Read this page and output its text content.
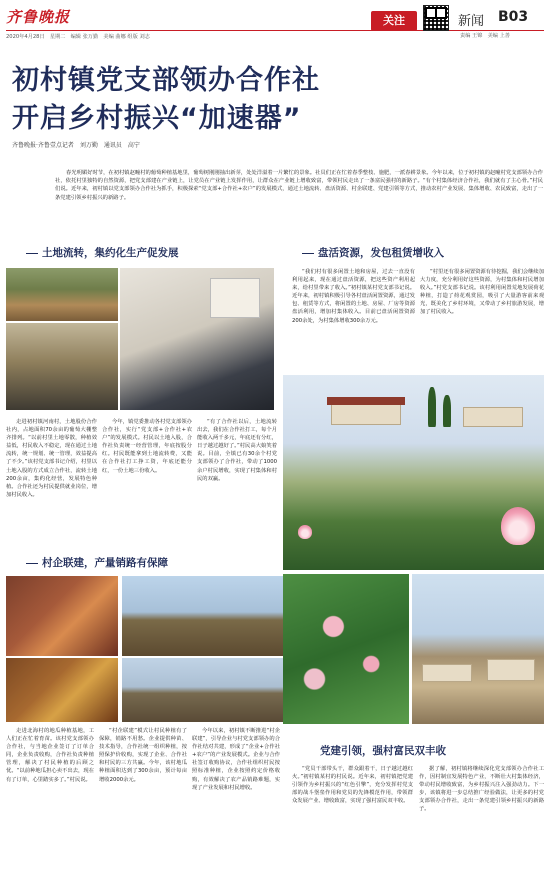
齐鲁晚报
2020年4月28日　星期二　编辑 张万勤　美编 曲娜 组版 刘志
关注	新闻 B03
责编 王锦　美编 上善
初村镇党支部领办合作社
开启乡村振兴“加速器”
齐鲁晚报·齐鲁壹点记者　刘万勤　通讯员　高宁
春光明媚好时节，在初村镇赵疃村的葡萄种植基地里，葡萄树刚刚抽出新芽，处处洋溢着一片繁忙的景象。社员们正在忙着春季整枝、施肥，一派春耕景象。今年以来，位于初村镇的赵疃村党支部领办合作社，依托村里独特的自然资源，把党支部建在产业链上，让党员在产业链上发挥作用，让群众在产业链上增收致富，带领村民走出了一条富民强村的新路子。“有个村集体经济合作社，我们就有了主心骨。”村民们说。近年来，初村镇以党支部领办合作社为抓手，积极探索“党支部+合作社+农户”的发展模式，通过土地流转、盘活资源、村企联建、党建引领等方式，推动农村产业发展、集体增收、农民致富，走出了一条党建引领乡村振兴的新路子。
土地流转，集约化生产促发展

走进初村镇河南村，土地股份合作社内，占地面积70余亩的葡萄大棚整齐排列。“以前村里土地零散，种植效益低，村民收入不稳定，现在通过土地流转，统一规划、统一管理，效益提高了不少。”该村党支部书记介绍，村里以土地入股的方式成立合作社，流转土地200余亩，集约化经营，发展特色种植。合作社还为村民提供就业岗位，增加村民收入。

今年，镇党委推动各村党支部领办合作社，实行“党支部+合作社+农户”的发展模式。村民以土地入股，合作社负责统一经营管理，年底按股分红。村民既能拿到土地流转费，又能在合作社打工挣工资，年底还能分红，一份土地三份收入。

“有了合作社以后，土地流转出去，我们在合作社打工，每个月能收入两千多元，年底还有分红，日子越过越好了。”村民高大娘笑着说。目前，全镇已有30余个村党支部领办了合作社，带动了1000余户村民增收，实现了村集体和村民的双赢。

盘活资源，发包租赁增收入

“我们村有很多闲置土地和房屋，过去一直没有利用起来，现在通过盘活资源，把这些资产利用起来，给村里带来了收入。”初村镇某村党支部书记说。近年来，初村镇积极引导各村盘活闲置资源，通过发包、租赁等方式，将闲置的土地、房屋、厂房等资源盘活利用，增加村集体收入。目前已盘活闲置资源200余处，为村集体增收300余万元。

“村里还有很多闲置资源有待挖掘，我们会继续加大力度，充分利用好这些资源，为村集体和村民增加收入。”村党支部书记说。该村利用闲置荒地发展荷花种植，打造了荷花观赏园，吸引了大量游客前来观光，既美化了乡村环境，又带动了乡村旅游发展，增加了村民收入。

村企联建，产量销路有保障

走进北海村的地瓜种植基地，工人们正在忙着育苗。该村党支部领办合作社，与当地企业签订了订单合同，企业负责收购，合作社负责种植管理，解决了村民种植的后顾之忧。“以前种地瓜担心卖不出去，现在有了订单，心里踏实多了。”村民说。

“村企联建”模式让村民种植有了保障，销路不用愁。企业提供种苗、技术指导，合作社统一组织种植，按照保护价收购，实现了企业、合作社和村民的三方共赢。今年，该村地瓜种植面积达到了300余亩，预计每亩增收2000余元。

今年以来，初村镇不断推进“村企联建”，引导企业与村党支部领办的合作社结对共建，形成了“企业+合作社+农户”的产业发展模式。企业与合作社签订收购协议，合作社组织村民按照标准种植，企业按照约定价格收购，有效解决了农产品销路难题，实现了产业发展和村民增收。

党建引领，强村富民双丰收

“党员干部带头干，群众跟着干，日子越过越红火。”初村镇某村的村民说。近年来，初村镇把党建引领作为乡村振兴的“红色引擎”，充分发挥村党支部的战斗堡垒作用和党员的先锋模范作用，带领群众发展产业、增收致富，实现了强村富民双丰收。

据了解，初村镇将继续深化党支部领办合作社工作，因村制宜发展特色产业，不断壮大村集体经济，带动村民增收致富，为乡村振兴注入强劲动力。下一步，该镇将进一步总结推广经验做法，让更多的村党支部领办合作社，走出一条党建引领乡村振兴的新路子。
